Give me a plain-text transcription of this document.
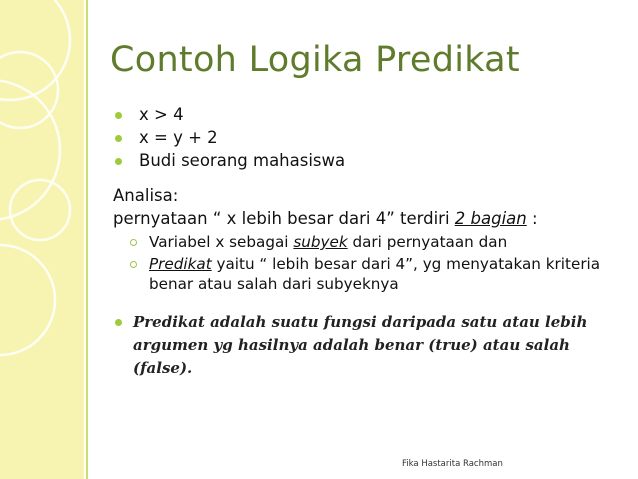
Contoh Logika Predikat
x > 4
x = y + 2
Budi seorang mahasiswa
Analisa:
pernyataan “ x lebih besar dari 4” terdiri 2 bagian :
Variabel x sebagai subyek dari pernyataan dan
Predikat yaitu “ lebih besar dari 4”, yg menyatakan kriteria benar atau salah dari subyeknya
Predikat adalah suatu fungsi daripada satu atau lebih argumen yg hasilnya adalah benar (true) atau salah (false).
Fika Hastarita Rachman
